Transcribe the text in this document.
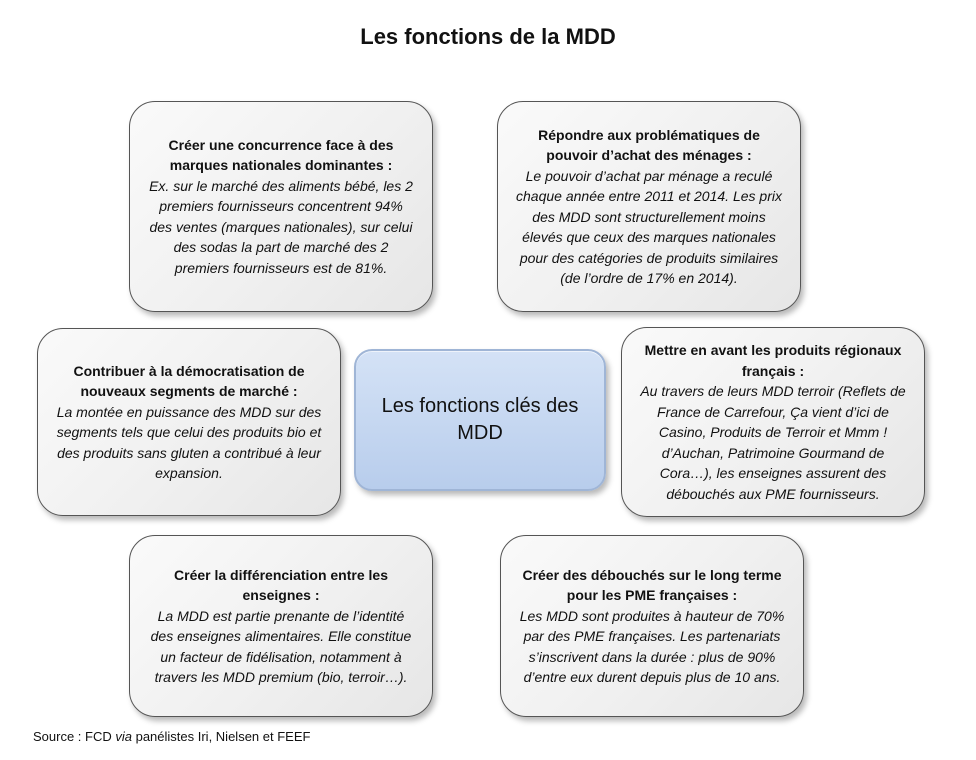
Les fonctions de la MDD
Créer une concurrence face à des marques nationales dominantes :
Ex. sur le marché des aliments bébé, les 2 premiers fournisseurs concentrent 94% des ventes (marques nationales), sur celui des sodas la part de marché des 2 premiers fournisseurs est de 81%.
Répondre aux problématiques de pouvoir d’achat des ménages :
Le pouvoir d’achat par ménage a reculé chaque année entre 2011 et 2014. Les prix des MDD sont structurellement moins élevés que ceux des marques nationales pour des catégories de produits similaires (de l’ordre de 17% en 2014).
Contribuer à la démocratisation de nouveaux segments de marché :
La montée en puissance des MDD sur des segments tels que celui des produits bio et des produits sans gluten a contribué à leur expansion.
Les fonctions clés des MDD
Mettre en avant les produits régionaux français :
Au travers de leurs MDD terroir (Reflets de France de Carrefour, Ça vient d’ici de Casino, Produits de Terroir et Mmm ! d’Auchan, Patrimoine Gourmand de Cora…), les enseignes assurent des débouchés aux PME fournisseurs.
Créer la différenciation entre les enseignes :
La MDD est partie prenante de l’identité des enseignes alimentaires. Elle constitue un facteur de fidélisation, notamment à travers les MDD premium (bio, terroir…).
Créer des débouchés sur le long terme pour les PME françaises :
Les MDD sont produites à hauteur de 70% par des PME françaises. Les partenariats s’inscrivent dans la durée : plus de 90% d’entre eux durent depuis plus de 10 ans.
Source : FCD via panélistes Iri, Nielsen et FEEF
